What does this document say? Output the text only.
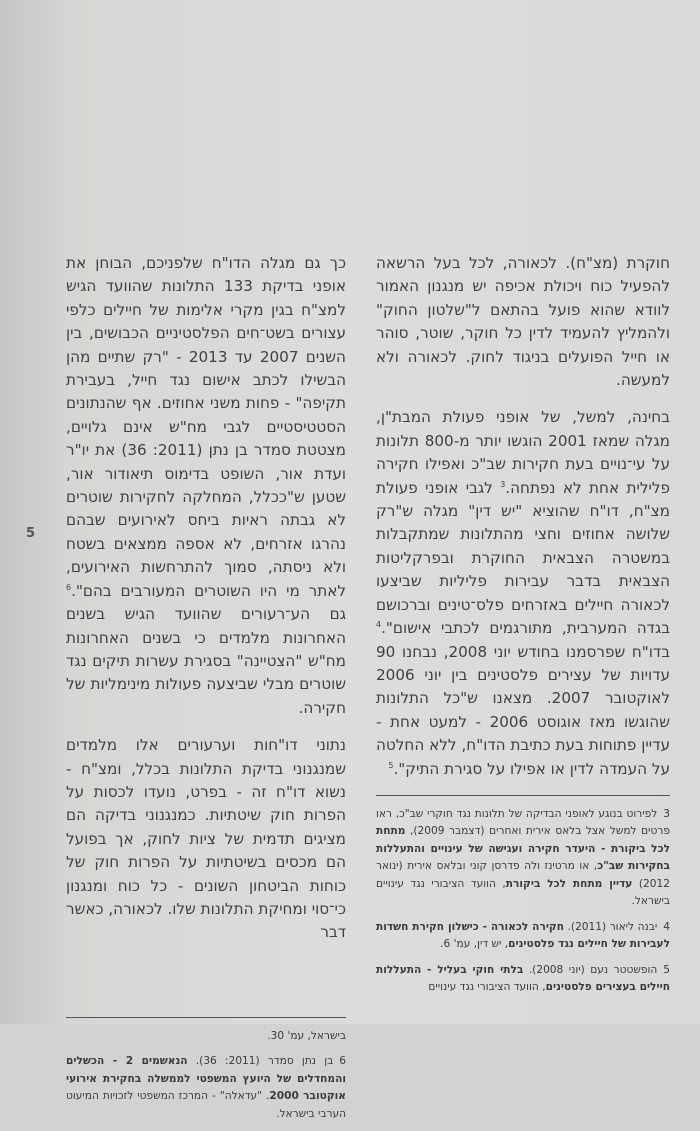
5

חוקרת (מצ"ח). לכאורה, לכל בעל הרשאה להפעיל כוח ויכולת אכיפה יש מנגנון האמור לוודא שהוא פועל בהתאם ל"שלטון החוק" ולהמליץ להעמיד לדין כל חוקר, שוטר, סוהר או חייל הפועלים בניגוד לחוק. לכאורה ולא למעשה.

בחינה, למשל, של אופני פעולת המבת"ן, מגלה שמאז 2001 הוגשו יותר מ-800 תלונות על עי־נויים בעת חקירות שב"כ ואפילו חקירה פלילית אחת לא נפתחה.$^3$ לגבי אופני פעולת מצ"ח, דו"ח שהוציא "יש דין" מגלה ש"רק שלושה אחוזים וחצי מהתלונות שמתקבלות במשטרה הצבאית החוקרת ובפרקליטות הצבאית בדבר עבירות פליליות שביצעו לכאורה חיילים באזרחים פלס־טינים וברכושם בגדה המערבית, מתורגמים לכתבי אישום".$^4$ בדו"ח שפרסמנו בחודש יוני 2008, נבחנו 90 עדויות של עצירים פלסטינים בין יוני 2006 לאוקטובר 2007. מצאנו ש"כל התלונות שהוגשו מאז אוגוסט 2006 - למעט אחת - עדיין פתוחות בעת כתיבת הדו"ח, ללא החלטה על העמדה לדין או אפילו על סגירת התיק".$^5$

3לפירוט בנוגע לאופני הבדיקה של תלונות נגד חוקרי שב"כ, ראו פרטים למשל אצל בלאס אירית ואחרים (דצמבר 2009), מתחת לכל ביקורת - היעדר חקירה ועגישה של עינויים והתעללות בחקירות שב"כ, או מרטינז ולה פדרסן קוני ובלאס אירית (ינואר 2012) עדיין מתחת לכל ביקורת, הוועד הציבורי נגד עינויים בישראל.

4יבנה ליאור (2011). חקירה לכאורה - כישלון חקירת חשדות לעבירות של חיילים נגד פלסטינים, יש דין, עמ' 6.

5הופשטטר נעם (יוני 2008). בלתי חוקי בעליל - התעללות חיילים בעצירים פלסטינים, הוועד הציבורי נגד עינויים

כך גם מגלה הדו"ח שלפניכם, הבוחן את אופני בדיקת 133 התלונות שהוועד הגיש למצ"ח בגין מקרי אלימות של חיילים כלפי עצורים בשט־חים הפלסטיניים הכבושים, בין השנים 2007 עד 2013 - "רק שתיים מהן הבשילו לכתב אישום נגד חייל, בעבירת תקיפה" - פחות משני אחוזים. אף שהנתונים הסטטיסטיים לגבי מח"ש אינם גלויים, מצטטת סמדר בן נתן (2011: 36) את יו"ר ועדת אור, השופט בדימוס תיאודור אור, שטען ש"ככלל, המחלקה לחקירות שוטרים לא גבתה ראיות ביחס לאירועים שבהם נהרגו אזרחים, לא אספה ממצאים בשטח ולא ניסתה, סמוך להתרחשות האירועים, לאתר מי היו השוטרים המעורבים בהם".$^6$ גם הע־רעורים שהוועד הגיש בשנים האחרונות מלמדים כי בשנים האחרונות מח"ש "הצטיינה" בסגירת עשרות תיקים נגד שוטרים מבלי שביצעה פעולות מינימליות של חקירה.

נתוני דו"חות וערעורים אלו מלמדים שמנגנוני בדיקת התלונות בכלל, ומצ"ח - נשוא דו"ח זה - בפרט, נועדו לכסות על הפרות חוק שיטתיות. כמנגנוני בדיקה הם מציגים תדמית של ציות לחוק, אך בפועל הם מכסים בשיטתיות על הפרות חוק של כוחות הביטחון השונים - כל כוח ומנגנון כי־סוי ומחיקת התלונות שלו. לכאורה, כאשר דבר

בישראל, עמ' 30.

6בן נתן סמדר (2011: 36). הנאשמים 2 - הכשלים והמחדלים של היועץ המשפטי לממשלה בחקירת אירועי אוקטובר 2000. "עדאלה" - המרכז המשפטי לזכויות המיעוט הערבי בישראל.
